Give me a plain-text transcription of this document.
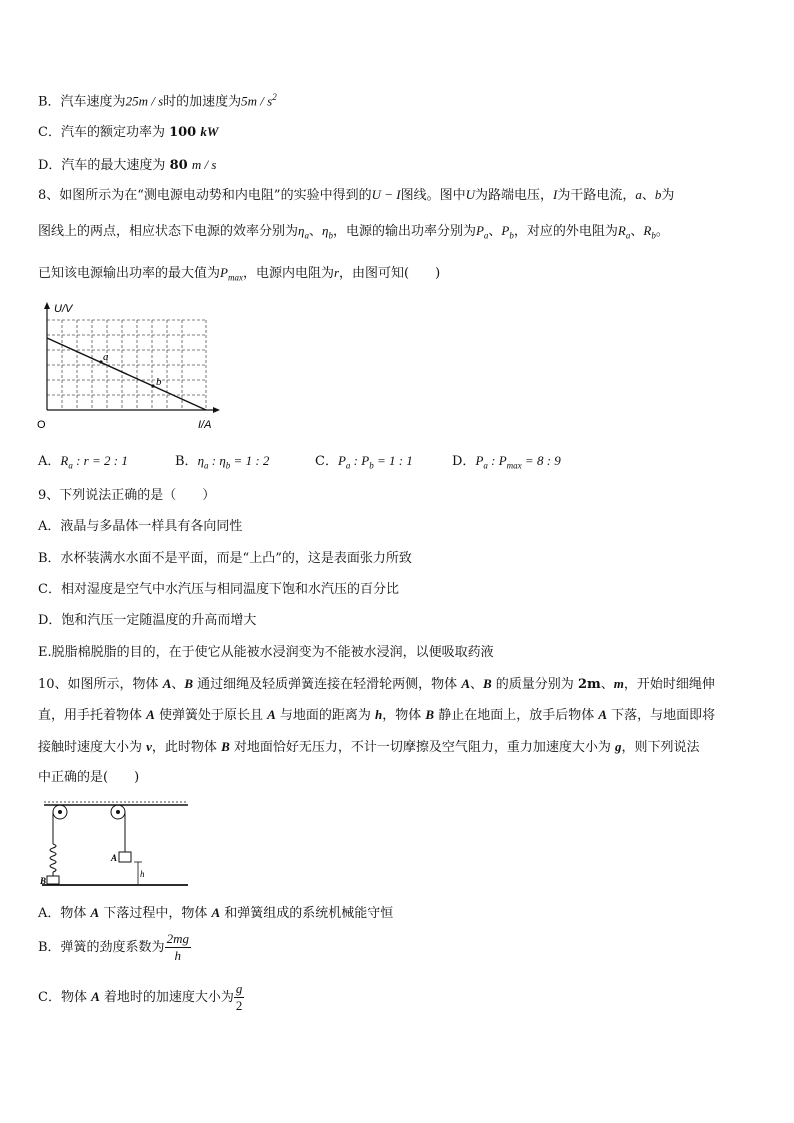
B．汽车速度为25m / s时的加速度为$5m / s^2$
C．汽车的额定功率为 100 kW
D．汽车的最大速度为 80 m / s
8、如图所示为在“测电源电动势和内电阻”的实验中得到的U − I图线。图中U为路端电压，I为干路电流，a、b为
图线上的两点，相应状态下电源的效率分别为$\eta_a$、$\eta_b$，电源的输出功率分别为$P_a$、$P_b$，对应的外电阻为$R_a$、$R_b$。
已知该电源输出功率的最大值为$P_{max}$，电源内电阻为r，由图可知(　　)
a
b
U/V
I/A
O
A．$R_a$ : r = 2 : 1	B．$\eta_a$ : $\eta_b = 1$ : 2	C．$P_a$ : $P_b = 1$ : 1	D．$P_a$ : $P_{max} = 8$ : 9
9、下列说法正确的是（　　）
A．液晶与多晶体一样具有各向同性
B．水杯装满水水面不是平面，而是“上凸”的，这是表面张力所致
C．相对湿度是空气中水汽压与相同温度下饱和水汽压的百分比
D．饱和汽压一定随温度的升高而增大
E.脱脂棉脱脂的目的，在于使它从能被水浸润变为不能被水浸润，以便吸取药液
10、如图所示，物体 A、B 通过细绳及轻质弹簧连接在轻滑轮两侧，物体 A、B 的质量分别为 2m、m，开始时细绳伸
直，用手托着物体 A 使弹簧处于原长且 A 与地面的距离为 h，物体 B 静止在地面上，放手后物体 A 下落，与地面即将
接触时速度大小为 v，此时物体 B 对地面恰好无压力，不计一切摩擦及空气阻力，重力加速度大小为 g，则下列说法
中正确的是(　　)
B
A
h
A．物体 A 下落过程中，物体 A 和弹簧组成的系统机械能守恒
B．弹簧的劲度系数为 $\frac{2mg}{h}$
C．物体 A 着地时的加速度大小为 $\frac{g}{2}$
